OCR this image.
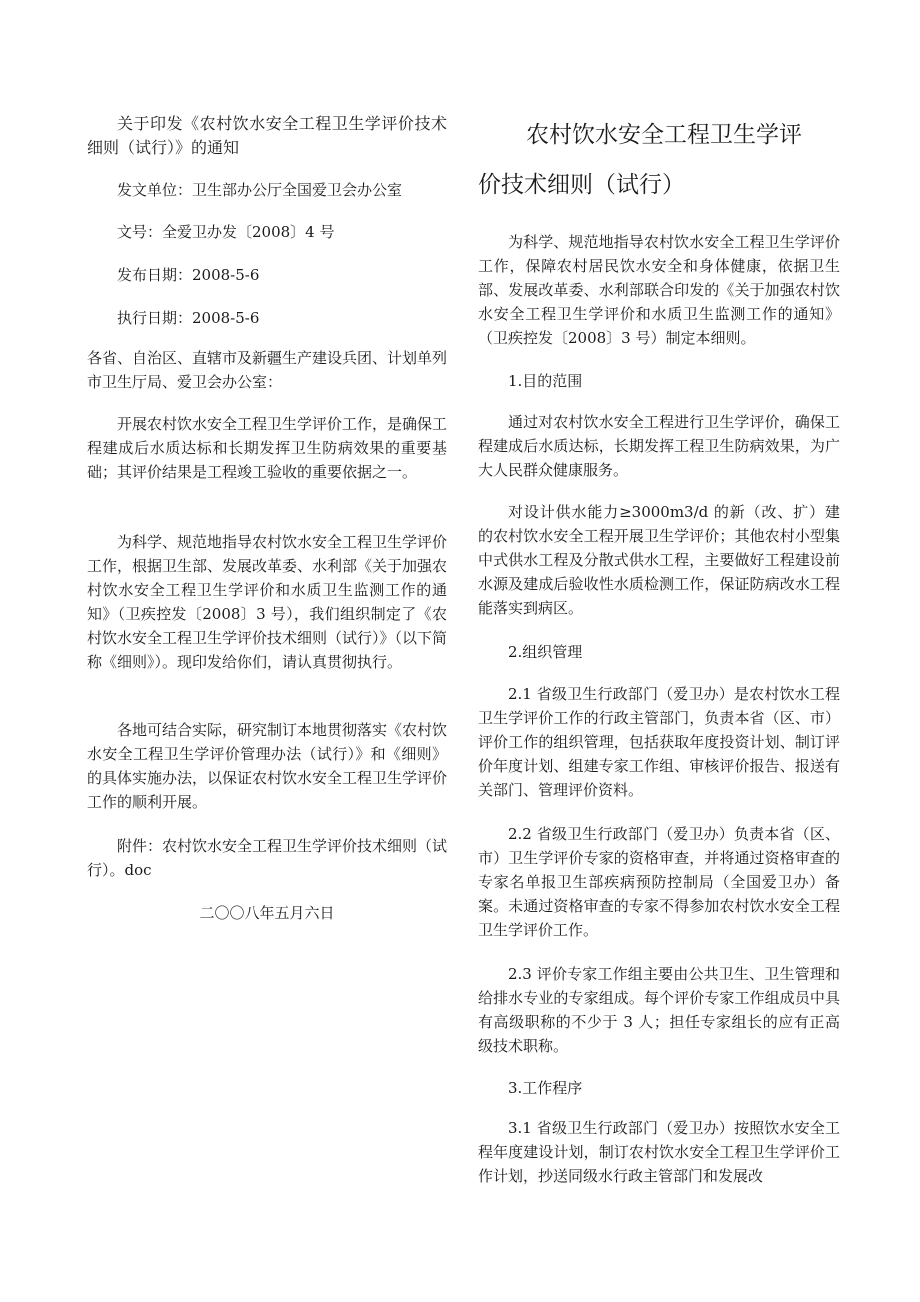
关于印发《农村饮水安全工程卫生学评价技术细则（试行）》的通知

发文单位：卫生部办公厅全国爱卫会办公室

文号：全爱卫办发〔2008〕4 号

发布日期：2008-5-6

执行日期：2008-5-6

各省、自治区、直辖市及新疆生产建设兵团、计划单列市卫生厅局、爱卫会办公室：

开展农村饮水安全工程卫生学评价工作，是确保工程建成后水质达标和长期发挥卫生防病效果的重要基础；其评价结果是工程竣工验收的重要依据之一。

为科学、规范地指导农村饮水安全工程卫生学评价工作，根据卫生部、发展改革委、水利部《关于加强农村饮水安全工程卫生学评价和水质卫生监测工作的通知》（卫疾控发〔2008〕3 号），我们组织制定了《农村饮水安全工程卫生学评价技术细则（试行）》（以下简称《细则》）。现印发给你们，请认真贯彻执行。

各地可结合实际，研究制订本地贯彻落实《农村饮水安全工程卫生学评价管理办法（试行）》和《细则》的具体实施办法，以保证农村饮水安全工程卫生学评价工作的顺利开展。

附件：农村饮水安全工程卫生学评价技术细则（试行）。doc

二〇〇八年五月六日

农村饮水安全工程卫生学评

价技术细则（试行）

为科学、规范地指导农村饮水安全工程卫生学评价工作，保障农村居民饮水安全和身体健康，依据卫生部、发展改革委、水利部联合印发的《关于加强农村饮水安全工程卫生学评价和水质卫生监测工作的通知》（卫疾控发〔2008〕3 号）制定本细则。

1.目的范围

通过对农村饮水安全工程进行卫生学评价，确保工程建成后水质达标，长期发挥工程卫生防病效果，为广大人民群众健康服务。

对设计供水能力≥3000m3/d 的新（改、扩）建的农村饮水安全工程开展卫生学评价；其他农村小型集中式供水工程及分散式供水工程，主要做好工程建设前水源及建成后验收性水质检测工作，保证防病改水工程能落实到病区。

2.组织管理

2.1 省级卫生行政部门（爱卫办）是农村饮水工程卫生学评价工作的行政主管部门，负责本省（区、市）评价工作的组织管理，包括获取年度投资计划、制订评价年度计划、组建专家工作组、审核评价报告、报送有关部门、管理评价资料。

2.2 省级卫生行政部门（爱卫办）负责本省（区、市）卫生学评价专家的资格审查，并将通过资格审查的专家名单报卫生部疾病预防控制局（全国爱卫办）备案。未通过资格审查的专家不得参加农村饮水安全工程卫生学评价工作。

2.3 评价专家工作组主要由公共卫生、卫生管理和给排水专业的专家组成。每个评价专家工作组成员中具有高级职称的不少于 3 人；担任专家组长的应有正高级技术职称。

3.工作程序

3.1 省级卫生行政部门（爱卫办）按照饮水安全工程年度建设计划，制订农村饮水安全工程卫生学评价工作计划，抄送同级水行政主管部门和发展改
